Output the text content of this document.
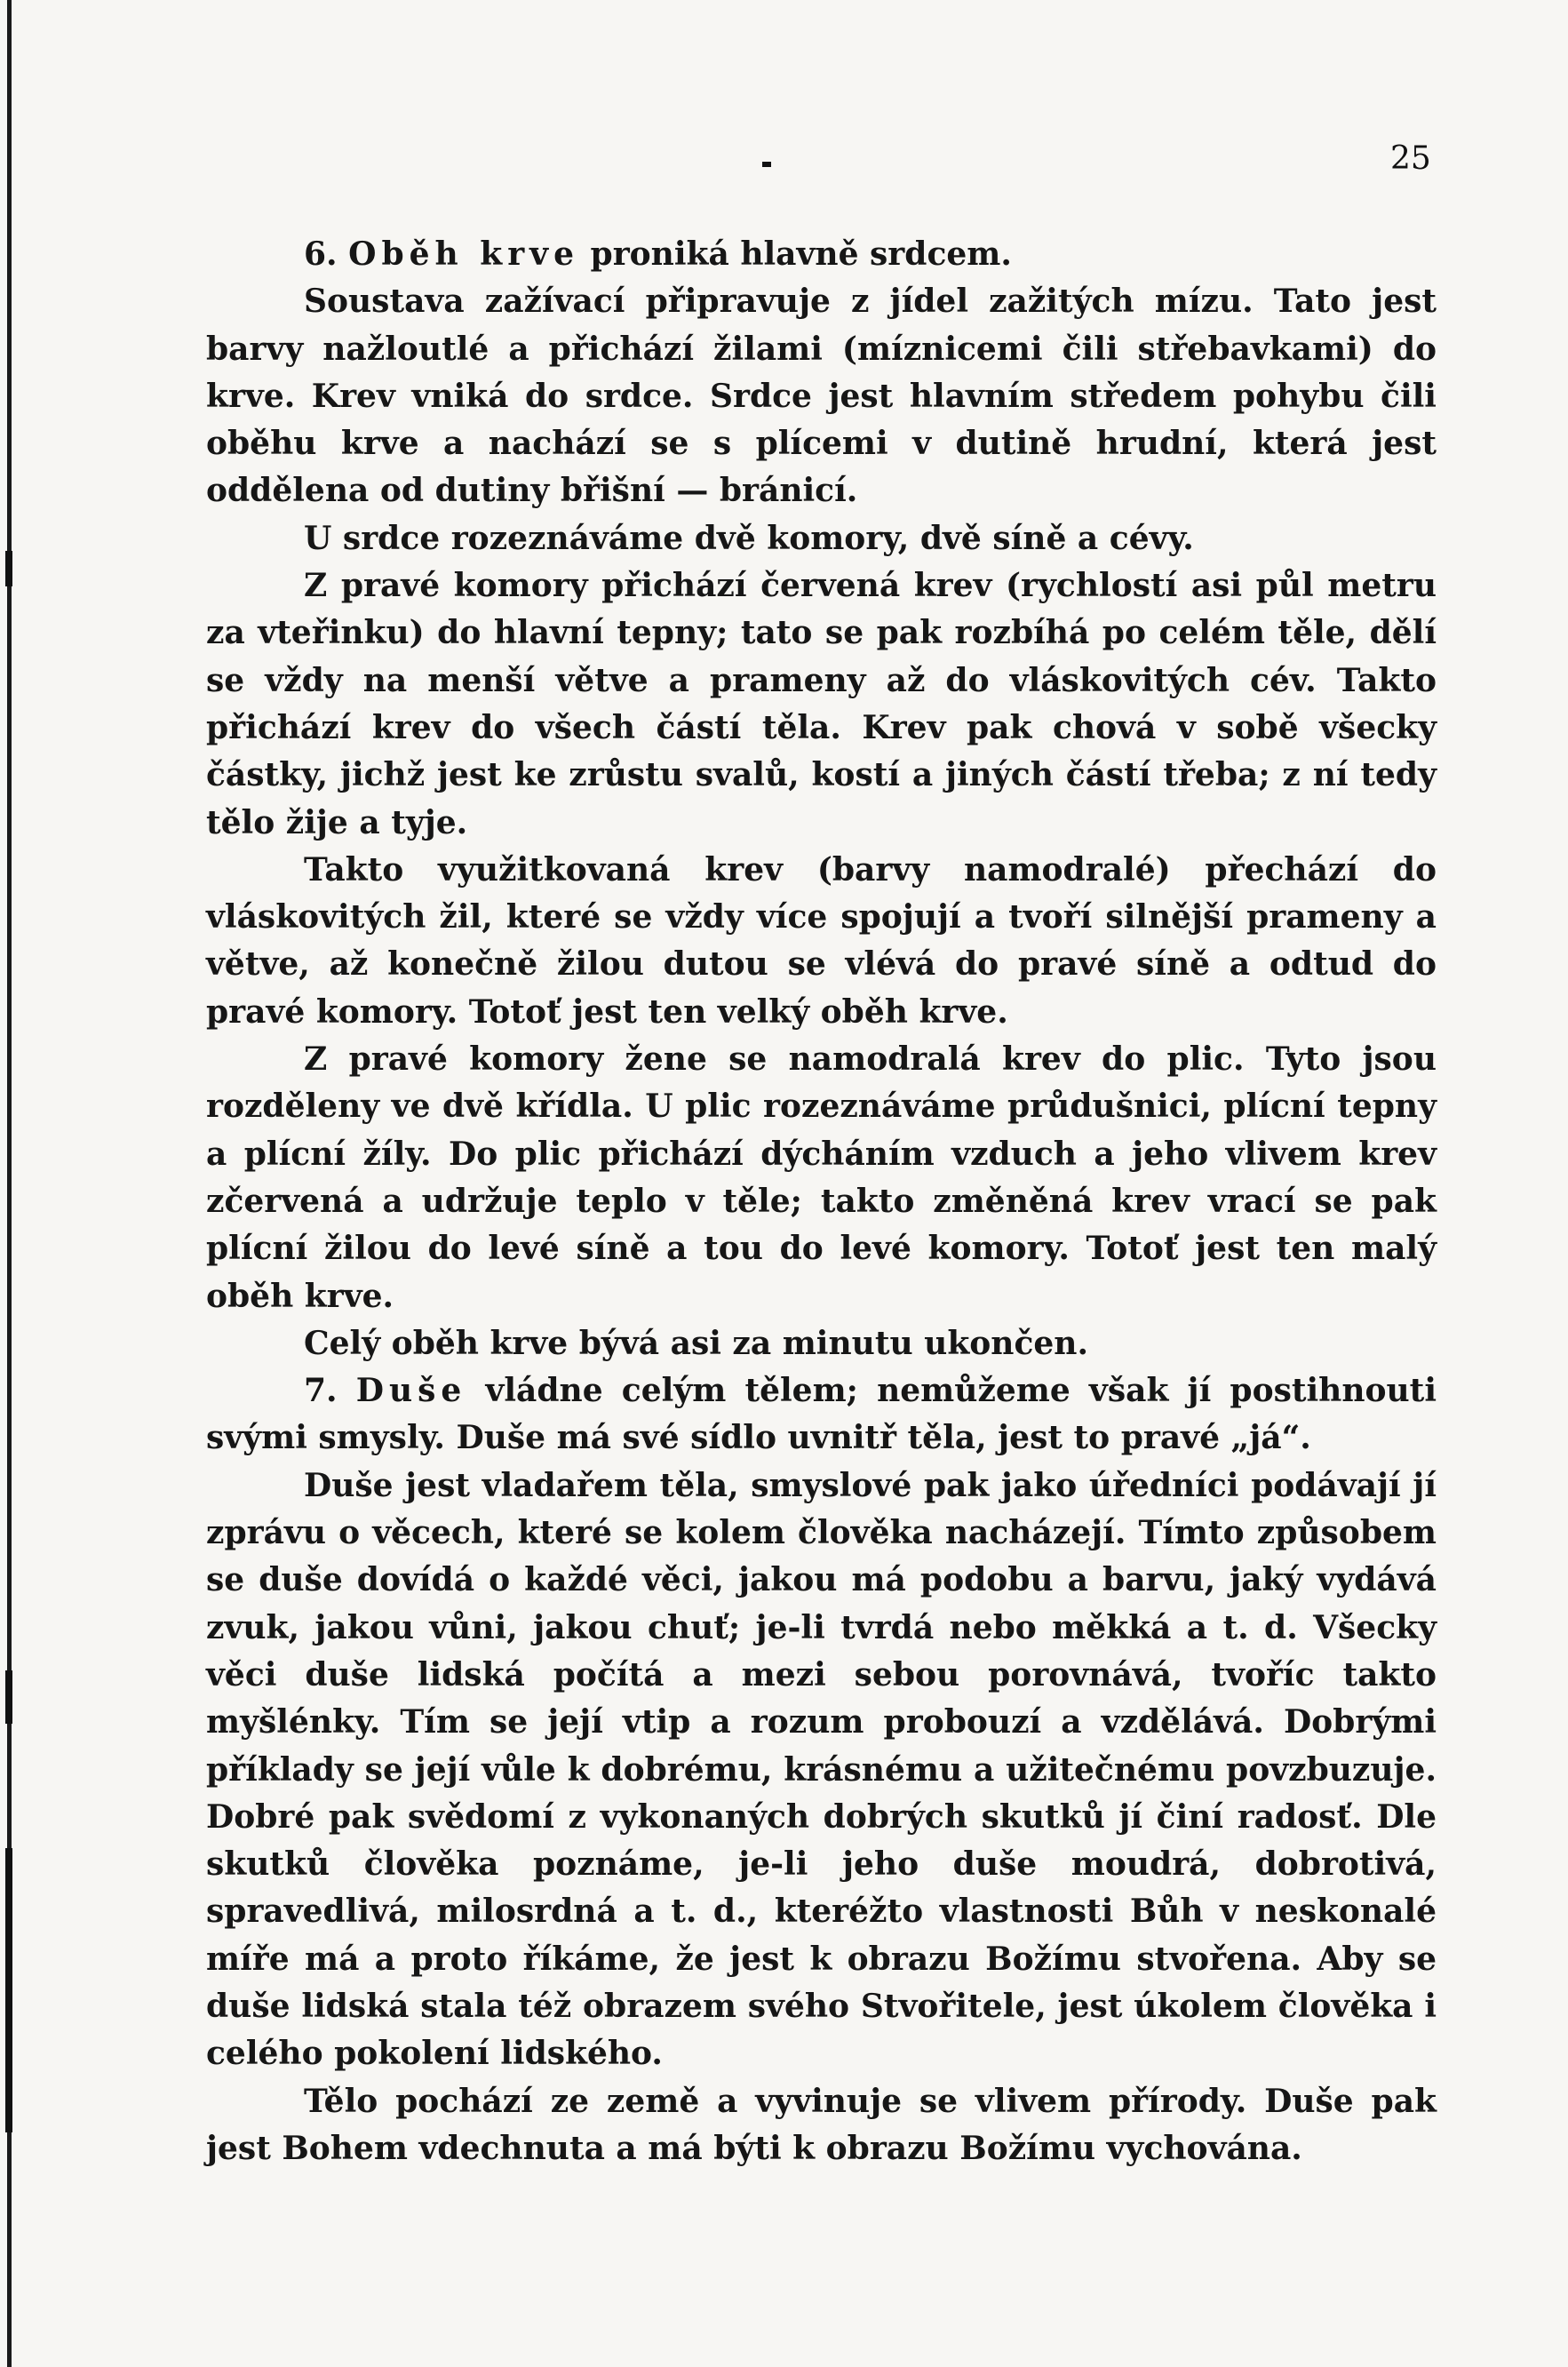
25

6. Oběh krve proniká hlavně srdcem.

Soustava zažívací připravuje z jídel zažitých mízu. Tato jest barvy nažloutlé a přichází žilami (míznicemi čili střebavkami) do krve. Krev vniká do srdce. Srdce jest hlavním středem pohybu čili oběhu krve a nachází se s plícemi v dutině hrudní, která jest oddělena od dutiny břišní — bránicí.

U srdce rozeznáváme dvě komory, dvě síně a cévy.

Z pravé komory přichází červená krev (rychlostí asi půl metru za vteřinku) do hlavní tepny; tato se pak rozbíhá po celém těle, dělí se vždy na menší větve a prameny až do vláskovitých cév. Takto přichází krev do všech částí těla. Krev pak chová v sobě všecky částky, jichž jest ke zrůstu svalů, kostí a jiných částí třeba; z ní tedy tělo žije a tyje.

Takto využitkovaná krev (barvy namodralé) přechází do vláskovitých žil, které se vždy více spojují a tvoří silnější prameny a větve, až konečně žilou dutou se vlévá do pravé síně a odtud do pravé komory. Totoť jest ten velký oběh krve.

Z pravé komory žene se namodralá krev do plic. Tyto jsou rozděleny ve dvě křídla. U plic rozeznáváme průdušnici, plícní tepny a plícní žíly. Do plic přichází dýcháním vzduch a jeho vlivem krev zčervená a udržuje teplo v těle; takto změněná krev vrací se pak plícní žilou do levé síně a tou do levé komory. Totoť jest ten malý oběh krve.

Celý oběh krve bývá asi za minutu ukončen.

7. Duše vládne celým tělem; nemůžeme však jí postihnouti svými smysly. Duše má své sídlo uvnitř těla, jest to pravé „já“.

Duše jest vladařem těla, smyslové pak jako úředníci podávají jí zprávu o věcech, které se kolem člověka nacházejí. Tímto způsobem se duše dovídá o každé věci, jakou má podobu a barvu, jaký vydává zvuk, jakou vůni, jakou chuť; je-li tvrdá nebo měkká a t. d. Všecky věci duše lidská počítá a mezi sebou porovnává, tvoříc takto myšlénky. Tím se její vtip a rozum probouzí a vzdělává. Dobrými příklady se její vůle k dobrému, krásnému a užitečnému povzbuzuje. Dobré pak svědomí z vykonaných dobrých skutků jí činí radosť. Dle skutků člověka poznáme, je-li jeho duše moudrá, dobrotivá, spravedlivá, milosrdná a t. d., kteréžto vlastnosti Bůh v neskonalé míře má a proto říkáme, že jest k obrazu Božímu stvořena. Aby se duše lidská stala též obrazem svého Stvořitele, jest úkolem člověka i celého pokolení lidského.

Tělo pochází ze země a vyvinuje se vlivem přírody. Duše pak jest Bohem vdechnuta a má býti k obrazu Božímu vychována.
